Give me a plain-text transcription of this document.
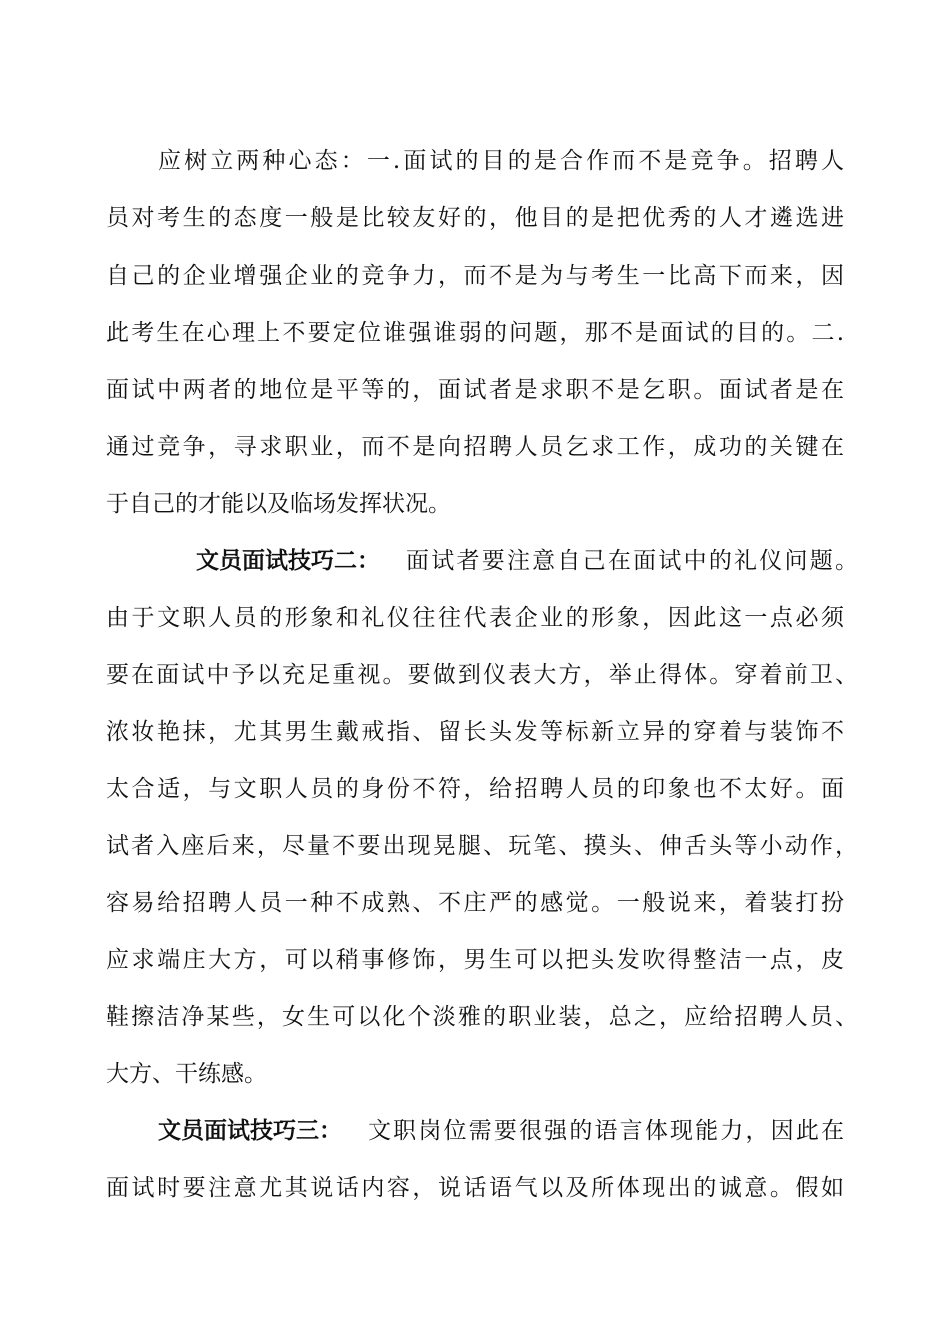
应树立两种心态：一.面试的目的是合作而不是竞争。招聘人
员对考生的态度一般是比较友好的，他目的是把优秀的人才遴选进
自己的企业增强企业的竞争力，而不是为与考生一比高下而来，因
此考生在心理上不要定位谁强谁弱的问题，那不是面试的目的。二.
面试中两者的地位是平等的，面试者是求职不是乞职。面试者是在
通过竞争，寻求职业，而不是向招聘人员乞求工作，成功的关键在
于自己的才能以及临场发挥状况。
文员面试技巧二：	面试者要注意自己在面试中的礼仪问题。
由于文职人员的形象和礼仪往往代表企业的形象，因此这一点必须
要在面试中予以充足重视。要做到仪表大方，举止得体。穿着前卫、
浓妆艳抹，尤其男生戴戒指、留长头发等标新立异的穿着与装饰不
太合适，与文职人员的身份不符，给招聘人员的印象也不太好。面
试者入座后来，尽量不要出现晃腿、玩笔、摸头、伸舌头等小动作，
容易给招聘人员一种不成熟、不庄严的感觉。一般说来，着装打扮
应求端庄大方，可以稍事修饰，男生可以把头发吹得整洁一点，皮
鞋擦洁净某些，女生可以化个淡雅的职业装，总之，应给招聘人员、
大方、干练感。
文员面试技巧三：	文职岗位需要很强的语言体现能力，因此在
面试时要注意尤其说话内容，说话语气以及所体现出的诚意。假如
